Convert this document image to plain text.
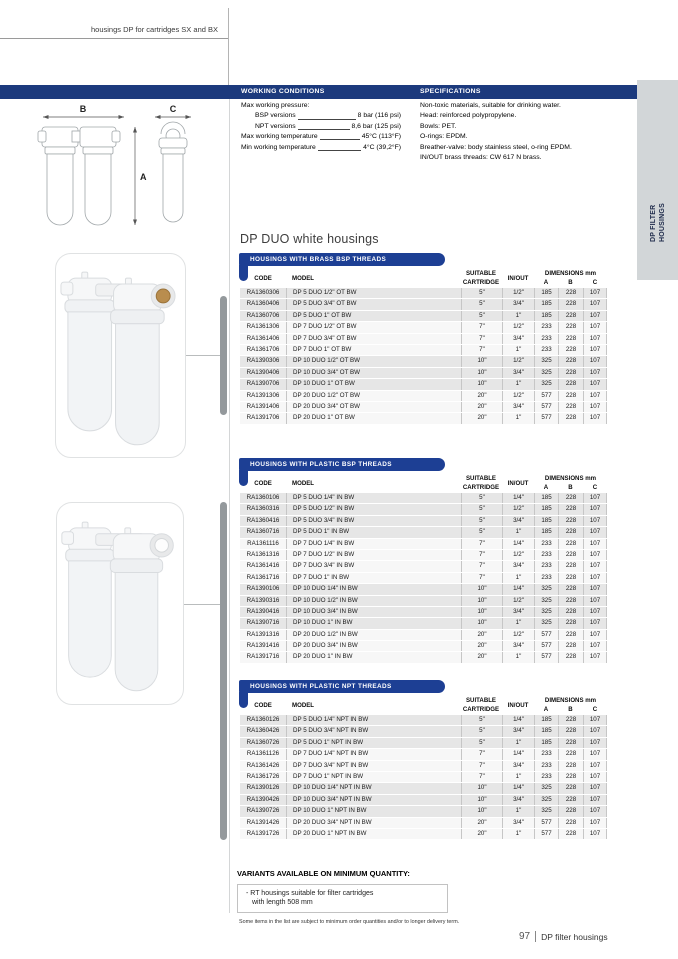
housings DP for cartridges SX and BX
WORKING CONDITIONS	SPECIFICATIONS
Max working pressure:
BSP versions	8 bar (116 psi)
NPT versions	8,6 bar (125 psi)
Max working temperature	45°C (113°F)
Min working temperature	4°C (39,2°F)
Non-toxic materials, suitable for drinking water.
Head: reinforced polypropylene.
Bowls: PET.
O-rings: EPDM.
Breather-valve: body stainless steel, o-ring EPDM.
IN/OUT brass threads: CW 617 N brass.
B	C
A
DP DUO white housings
HOUSINGS WITH BRASS BSP THREADS
CODE	MODEL
SUITABLE
CARTRIDGE
IN/OUT
DIMENSIONS mm
A	B	C
RA1360306	DP 5 DUO 1/2" OT BW	5"	1/2"	185	228	107
RA1360406	DP 5 DUO 3/4" OT BW	5"	3/4"	185	228	107
RA1360706	DP 5 DUO 1" OT BW	5"	1"	185	228	107
RA1361306	DP 7 DUO 1/2" OT BW	7"	1/2"	233	228	107
RA1361406	DP 7 DUO 3/4" OT BW	7"	3/4"	233	228	107
RA1361706	DP 7 DUO 1" OT BW	7"	1"	233	228	107
RA1390306	DP 10 DUO 1/2" OT BW	10"	1/2"	325	228	107
RA1390406	DP 10 DUO 3/4" OT BW	10"	3/4"	325	228	107
RA1390706	DP 10 DUO 1" OT BW	10"	1"	325	228	107
RA1391306	DP 20 DUO 1/2" OT BW	20"	1/2"	577	228	107
RA1391406	DP 20 DUO 3/4" OT BW	20"	3/4"	577	228	107
RA1391706	DP 20 DUO 1" OT BW	20"	1"	577	228	107
HOUSINGS WITH PLASTIC BSP THREADS
CODE	MODEL
SUITABLE
CARTRIDGE
IN/OUT
DIMENSIONS mm
A	B	C
RA1360106	DP 5 DUO 1/4" IN BW	5"	1/4"	185	228	107
RA1360316	DP 5 DUO 1/2" IN BW	5"	1/2"	185	228	107
RA1360416	DP 5 DUO 3/4" IN BW	5"	3/4"	185	228	107
RA1360716	DP 5 DUO 1" IN BW	5"	1"	185	228	107
RA1361116	DP 7 DUO 1/4" IN BW	7"	1/4"	233	228	107
RA1361316	DP 7 DUO 1/2" IN BW	7"	1/2"	233	228	107
RA1361416	DP 7 DUO 3/4" IN BW	7"	3/4"	233	228	107
RA1361716	DP 7 DUO 1" IN BW	7"	1"	233	228	107
RA1390106	DP 10 DUO 1/4" IN BW	10"	1/4"	325	228	107
RA1390316	DP 10 DUO 1/2" IN BW	10"	1/2"	325	228	107
RA1390416	DP 10 DUO 3/4" IN BW	10"	3/4"	325	228	107
RA1390716	DP 10 DUO 1" IN BW	10"	1"	325	228	107
RA1391316	DP 20 DUO 1/2" IN BW	20"	1/2"	577	228	107
RA1391416	DP 20 DUO 3/4" IN BW	20"	3/4"	577	228	107
RA1391716	DP 20 DUO 1" IN BW	20"	1"	577	228	107
HOUSINGS WITH PLASTIC NPT THREADS
CODE	MODEL
SUITABLE
CARTRIDGE
IN/OUT
DIMENSIONS mm
A	B	C
RA1360126	DP 5 DUO 1/4" NPT IN BW	5"	1/4"	185	228	107
RA1360426	DP 5 DUO 3/4" NPT IN BW	5"	3/4"	185	228	107
RA1360726	DP 5 DUO 1" NPT IN BW	5"	1"	185	228	107
RA1361126	DP 7 DUO 1/4" NPT IN BW	7"	1/4"	233	228	107
RA1361426	DP 7 DUO 3/4" NPT IN BW	7"	3/4"	233	228	107
RA1361726	DP 7 DUO 1" NPT IN BW	7"	1"	233	228	107
RA1390126	DP 10 DUO 1/4" NPT IN BW	10"	1/4"	325	228	107
RA1390426	DP 10 DUO 3/4" NPT IN BW	10"	3/4"	325	228	107
RA1390726	DP 10 DUO 1" NPT IN BW	10"	1"	325	228	107
RA1391426	DP 20 DUO 3/4" NPT IN BW	20"	3/4"	577	228	107
RA1391726	DP 20 DUO 1" NPT IN BW	20"	1"	577	228	107
VARIANTS AVAILABLE ON MINIMUM QUANTITY:
- RT housings suitable for filter cartridges
with length 508 mm
Some items in the list are subject to minimum order quantities and/or to longer delivery term.
97 DP filter housings
DP FILTER HOUSINGS
